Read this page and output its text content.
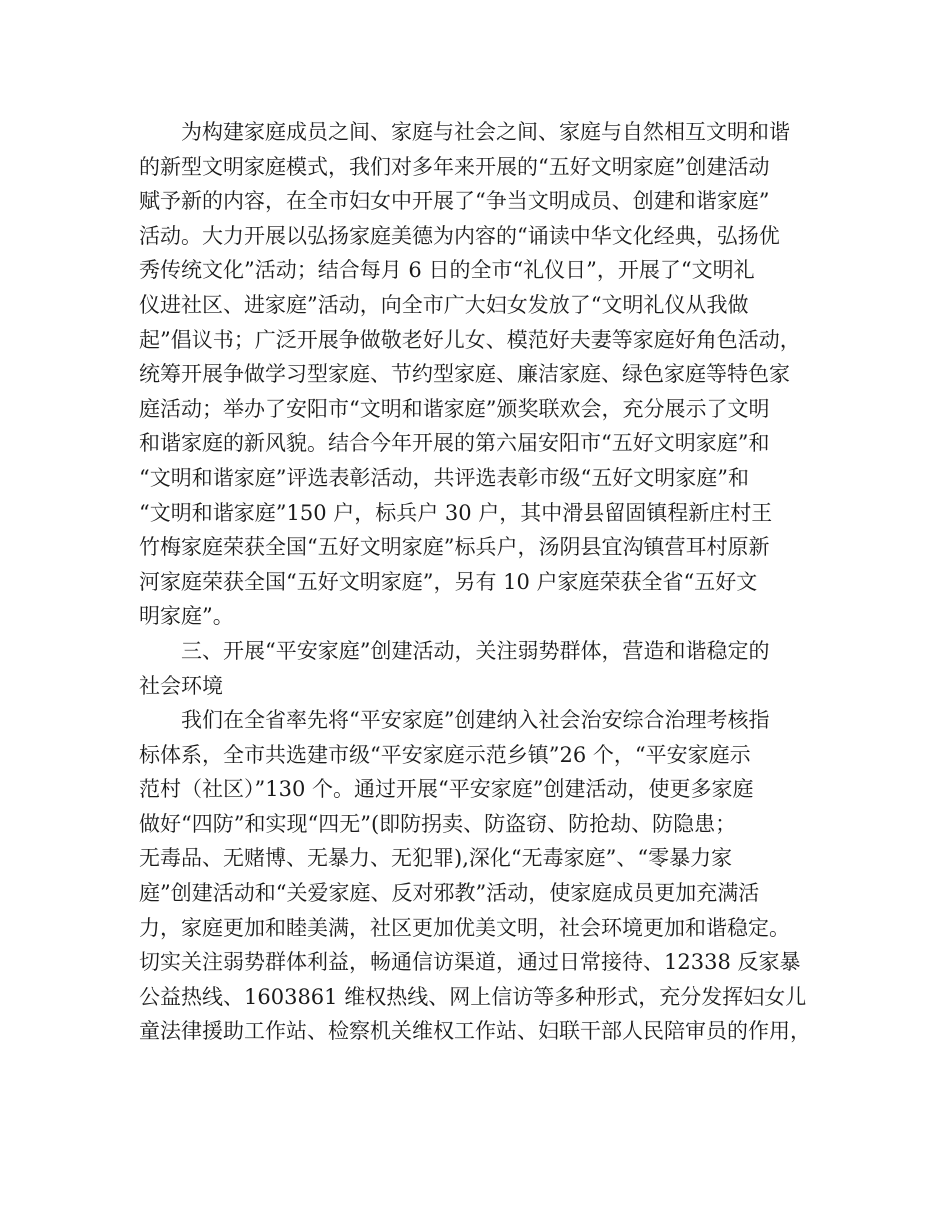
　　为构建家庭成员之间、家庭与社会之间、家庭与自然相互文明和谐
的新型文明家庭模式，我们对多年来开展的“五好文明家庭”创建活动
赋予新的内容，在全市妇女中开展了“争当文明成员、创建和谐家庭”
活动。大力开展以弘扬家庭美德为内容的“诵读中华文化经典，弘扬优
秀传统文化”活动；结合每月 6 日的全市“礼仪日”，开展了“文明礼
仪进社区、进家庭”活动，向全市广大妇女发放了“文明礼仪从我做
起”倡议书；广泛开展争做敬老好儿女、模范好夫妻等家庭好角色活动，
统筹开展争做学习型家庭、节约型家庭、廉洁家庭、绿色家庭等特色家
庭活动；举办了安阳市“文明和谐家庭”颁奖联欢会，充分展示了文明
和谐家庭的新风貌。结合今年开展的第六届安阳市“五好文明家庭”和
“文明和谐家庭”评选表彰活动，共评选表彰市级“五好文明家庭”和
“文明和谐家庭”150 户，标兵户 30 户，其中滑县留固镇程新庄村王
竹梅家庭荣获全国“五好文明家庭”标兵户，汤阴县宜沟镇营耳村原新
河家庭荣获全国“五好文明家庭”，另有 10 户家庭荣获全省“五好文
明家庭”。
　　三、开展“平安家庭”创建活动，关注弱势群体，营造和谐稳定的
社会环境
　　我们在全省率先将“平安家庭”创建纳入社会治安综合治理考核指
标体系，全市共选建市级“平安家庭示范乡镇”26 个，“平安家庭示
范村（社区）”130 个。通过开展“平安家庭”创建活动，使更多家庭
做好“四防”和实现“四无”(即防拐卖、防盗窃、防抢劫、防隐患；
无毒品、无赌博、无暴力、无犯罪),深化“无毒家庭”、“零暴力家
庭”创建活动和“关爱家庭、反对邪教”活动，使家庭成员更加充满活
力，家庭更加和睦美满，社区更加优美文明，社会环境更加和谐稳定。
切实关注弱势群体利益，畅通信访渠道，通过日常接待、12338 反家暴
公益热线、1603861 维权热线、网上信访等多种形式，充分发挥妇女儿
童法律援助工作站、检察机关维权工作站、妇联干部人民陪审员的作用，
